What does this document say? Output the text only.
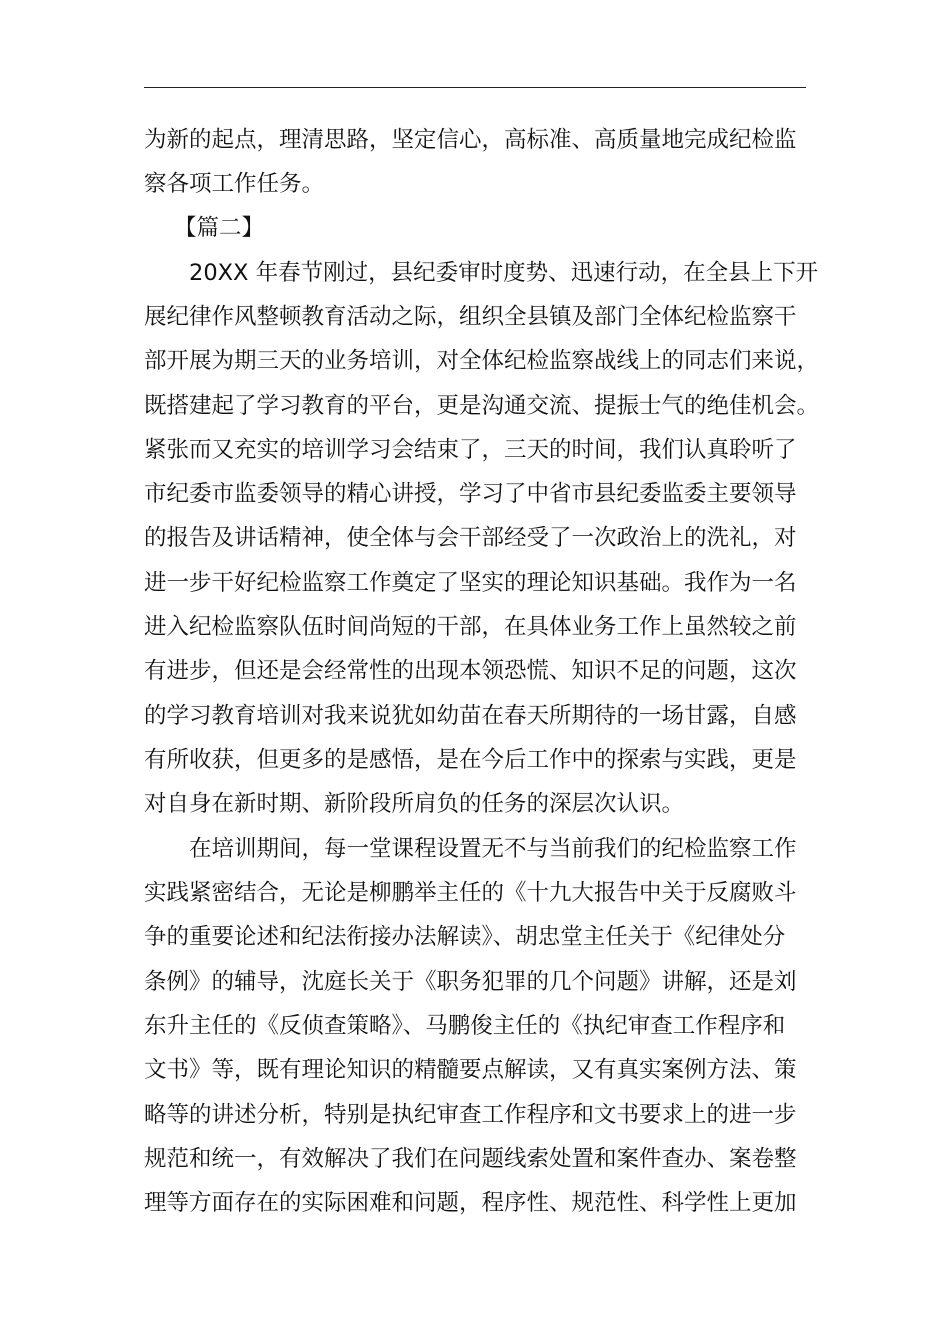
为新的起点，理清思路，坚定信心，高标准、高质量地完成纪检监
察各项工作任务。
【篇二】
20XX 年春节刚过，县纪委审时度势、迅速行动，在全县上下开
展纪律作风整顿教育活动之际，组织全县镇及部门全体纪检监察干
部开展为期三天的业务培训，对全体纪检监察战线上的同志们来说，
既搭建起了学习教育的平台，更是沟通交流、提振士气的绝佳机会。
紧张而又充实的培训学习会结束了，三天的时间，我们认真聆听了
市纪委市监委领导的精心讲授，学习了中省市县纪委监委主要领导
的报告及讲话精神，使全体与会干部经受了一次政治上的洗礼，对
进一步干好纪检监察工作奠定了坚实的理论知识基础。我作为一名
进入纪检监察队伍时间尚短的干部，在具体业务工作上虽然较之前
有进步，但还是会经常性的出现本领恐慌、知识不足的问题，这次
的学习教育培训对我来说犹如幼苗在春天所期待的一场甘露，自感
有所收获，但更多的是感悟，是在今后工作中的探索与实践，更是
对自身在新时期、新阶段所肩负的任务的深层次认识。
在培训期间，每一堂课程设置无不与当前我们的纪检监察工作
实践紧密结合，无论是柳鹏举主任的《十九大报告中关于反腐败斗
争的重要论述和纪法衔接办法解读》、胡忠堂主任关于《纪律处分
条例》的辅导，沈庭长关于《职务犯罪的几个问题》讲解，还是刘
东升主任的《反侦查策略》、马鹏俊主任的《执纪审查工作程序和
文书》等，既有理论知识的精髓要点解读，又有真实案例方法、策
略等的讲述分析，特别是执纪审查工作程序和文书要求上的进一步
规范和统一，有效解决了我们在问题线索处置和案件查办、案卷整
理等方面存在的实际困难和问题，程序性、规范性、科学性上更加
